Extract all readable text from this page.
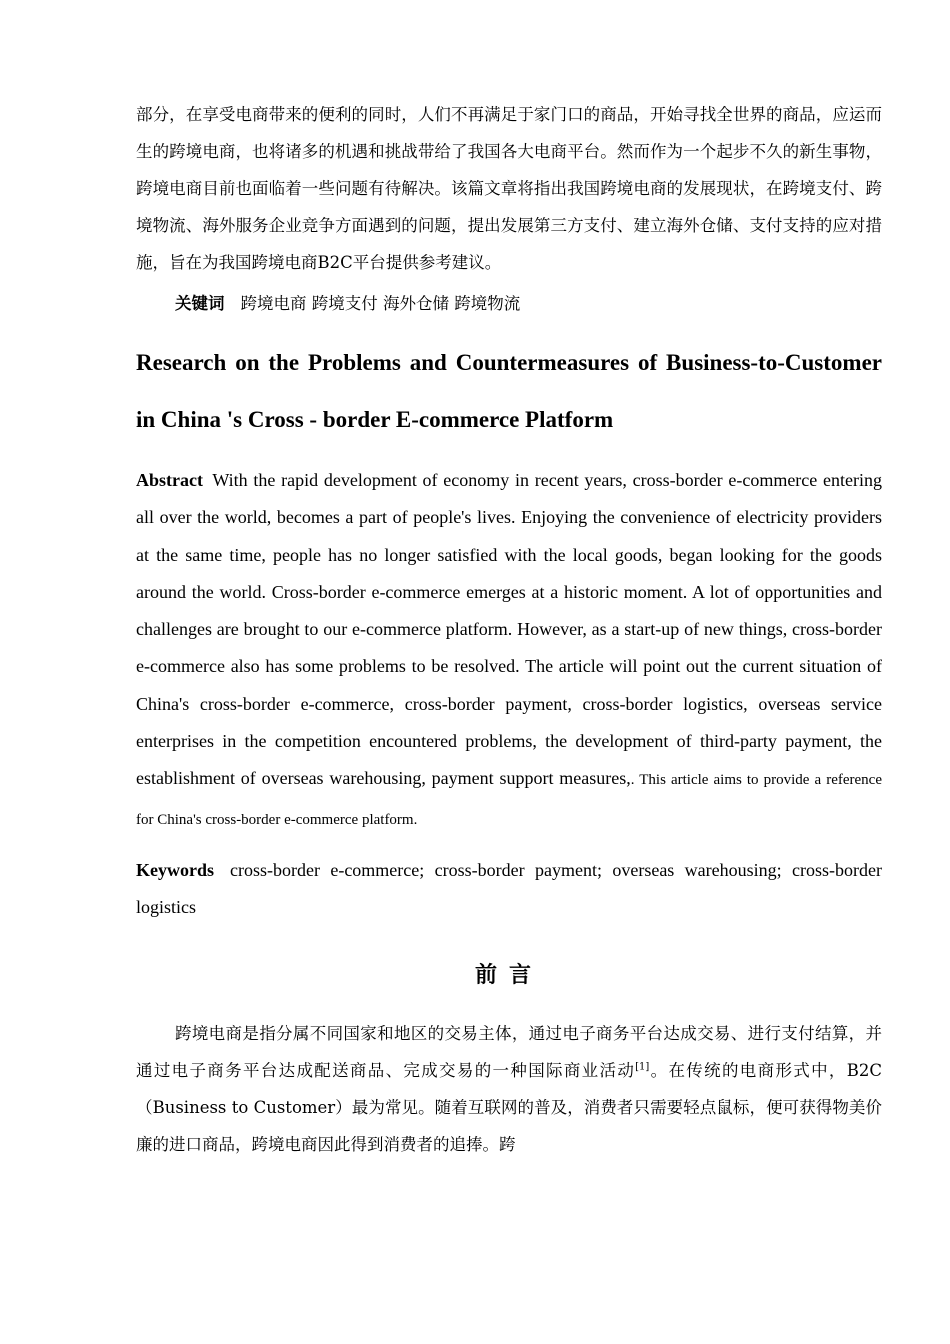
部分，在享受电商带来的便利的同时，人们不再满足于家门口的商品，开始寻找全世界的商品，应运而生的跨境电商，也将诸多的机遇和挑战带给了我国各大电商平台。然而作为一个起步不久的新生事物，跨境电商目前也面临着一些问题有待解决。该篇文章将指出我国跨境电商的发展现状，在跨境支付、跨境物流、海外服务企业竞争方面遇到的问题，提出发展第三方支付、建立海外仓储、支付支持的应对措施，旨在为我国跨境电商B2C平台提供参考建议。

关键词 跨境电商 跨境支付 海外仓储 跨境物流
Research on the Problems and Countermeasures of Business-to-Customer in China 's Cross - border E-commerce Platform

Abstract With the rapid development of economy in recent years, cross-border e-commerce entering all over the world, becomes a part of people's lives. Enjoying the convenience of electricity providers at the same time, people has no longer satisfied with the local goods, began looking for the goods around the world. Cross-border e-commerce emerges at a historic moment. A lot of opportunities and challenges are brought to our e-commerce platform. However, as a start-up of new things, cross-border e-commerce also has some problems to be resolved. The article will point out the current situation of China's cross-border e-commerce, cross-border payment, cross-border logistics, overseas service enterprises in the competition encountered problems, the development of third-party payment, the establishment of overseas warehousing, payment support measures,. This article aims to provide a reference for China's cross-border e-commerce platform.

Keywords cross-border e-commerce; cross-border payment; overseas warehousing; cross-border logistics

前言

跨境电商是指分属不同国家和地区的交易主体，通过电子商务平台达成交易、进行支付结算，并通过电子商务平台达成配送商品、完成交易的一种国际商业活动[1]。在传统的电商形式中，B2C（Business to Customer）最为常见。随着互联网的普及，消费者只需要轻点鼠标，便可获得物美价廉的进口商品，跨境电商因此得到消费者的追捧。跨
